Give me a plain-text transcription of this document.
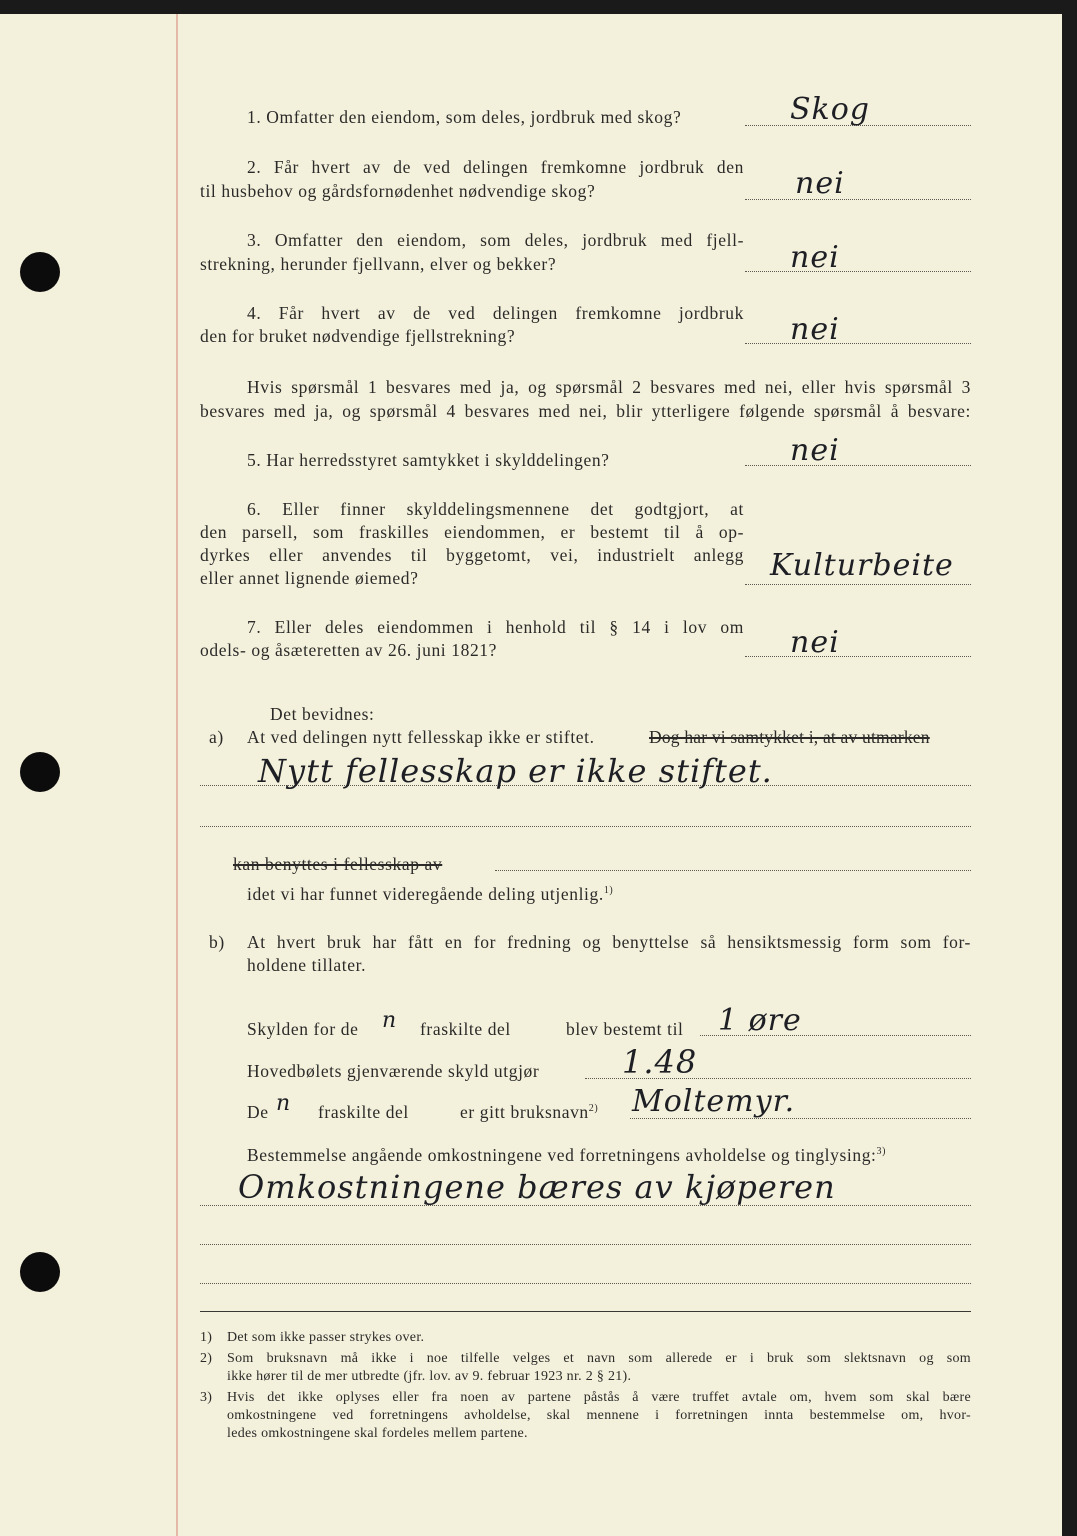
1. Omfatter den eiendom, som deles, jordbruk med skog?	Skog
2. Får hvert av de ved delingen fremkomne jordbruk den
til husbehov og gårdsfornødenhet nødvendige skog?	nei
3. Omfatter den eiendom, som deles, jordbruk med fjell-
strekning, herunder fjellvann, elver og bekker?	nei
4. Får hvert av de ved delingen fremkomne jordbruk
den for bruket nødvendige fjellstrekning?	nei
Hvis spørsmål 1 besvares med ja, og spørsmål 2 besvares med nei, eller hvis spørsmål 3
besvares med ja, og spørsmål 4 besvares med nei, blir ytterligere følgende spørsmål å besvare:
5. Har herredsstyret samtykket i skylddelingen?	nei
6. Eller finner skylddelingsmennene det godtgjort, at
den parsell, som fraskilles eiendommen, er bestemt til å op-
dyrkes eller anvendes til byggetomt, vei, industrielt anlegg
eller annet lignende øiemed?	Kulturbeite
7. Eller deles eiendommen i henhold til § 14 i lov om
odels- og åsæteretten av 26. juni 1821?	nei
Det bevidnes:
a) At ved delingen nytt fellesskap ikke er stiftet.	Dog har vi samtykket i, at av utmarken
Nytt fellesskap er ikke stiftet.
kan benyttes i fellesskap av
idet vi har funnet videregående deling utjenlig.$^{1)}$
b) At hvert bruk har fått en for fredning og benyttelse så hensiktsmessig form som for-
holdene tillater.
Skylden for de n fraskilte del	blev bestemt til 1 øre
Hovedbølets gjenværende skyld utgjør	1.48
De n fraskilte del	er gitt bruksnavn$^{2)}$ Moltemyr.
Bestemmelse angående omkostningene ved forretningens avholdelse og tinglysing:$^{3)}$
Omkostningene bæres av kjøperen
1) Det som ikke passer strykes over.
2) Som bruksnavn må ikke i noe tilfelle velges et navn som allerede er i bruk som slektsnavn og som
ikke hører til de mer utbredte (jfr. lov. av 9. februar 1923 nr. 2 § 21).
3) Hvis det ikke oplyses eller fra noen av partene påstås å være truffet avtale om, hvem som skal bære
omkostningene ved forretningens avholdelse, skal mennene i forretningen innta bestemmelse om, hvor-
ledes omkostningene skal fordeles mellem partene.
